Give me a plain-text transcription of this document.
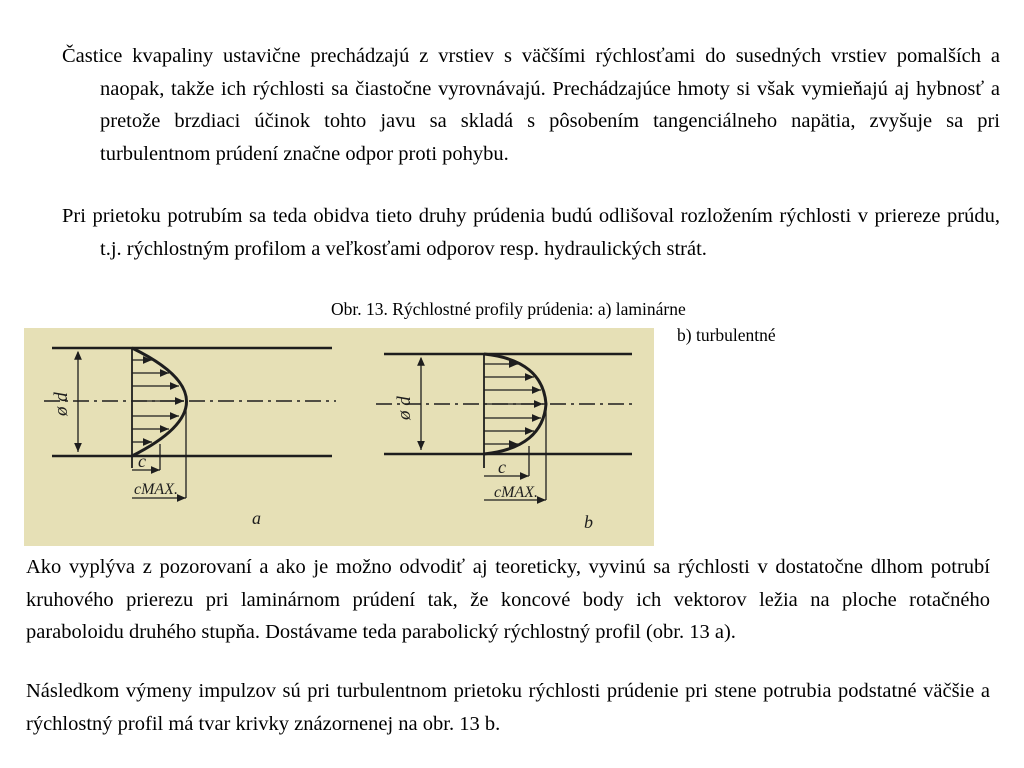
Častice kvapaliny ustavične prechádzajú z vrstiev s väčšími rýchlosťami do susedných vrstiev pomalších a naopak, takže ich rýchlosti sa čiastočne vyrovnávajú. Prechádzajúce hmoty si však vymieňajú aj hybnosť a pretože brzdiaci účinok tohto javu sa skladá s pôsobením tangenciálneho napätia, zvyšuje sa pri turbulentnom prúdení značne odpor proti pohybu.

Pri prietoku potrubím sa teda obidva tieto druhy prúdenia budú odlišoval rozložením rýchlosti v priereze prúdu, t.j. rýchlostným profilom a veľkosťami odporov resp. hydraulických strát.

Obr. 13. Rýchlostné profily prúdenia: a) laminárne
b) turbulentné
ø d
c
cMAX.
a
ø d
c
cMAX.
b

Ako vyplýva z pozorovaní a ako je možno odvodiť aj teoreticky, vyvinú sa rýchlosti v dostatočne dlhom potrubí kruhového prierezu pri laminárnom prúdení tak, že koncové body ich vektorov ležia na ploche rotačného paraboloidu druhého stupňa. Dostávame teda parabolický rýchlostný profil (obr. 13 a).

Následkom výmeny impulzov sú pri turbulentnom prietoku rýchlosti prúdenie pri stene potrubia podstatné väčšie a rýchlostný profil má tvar krivky znázornenej na obr. 13 b.
